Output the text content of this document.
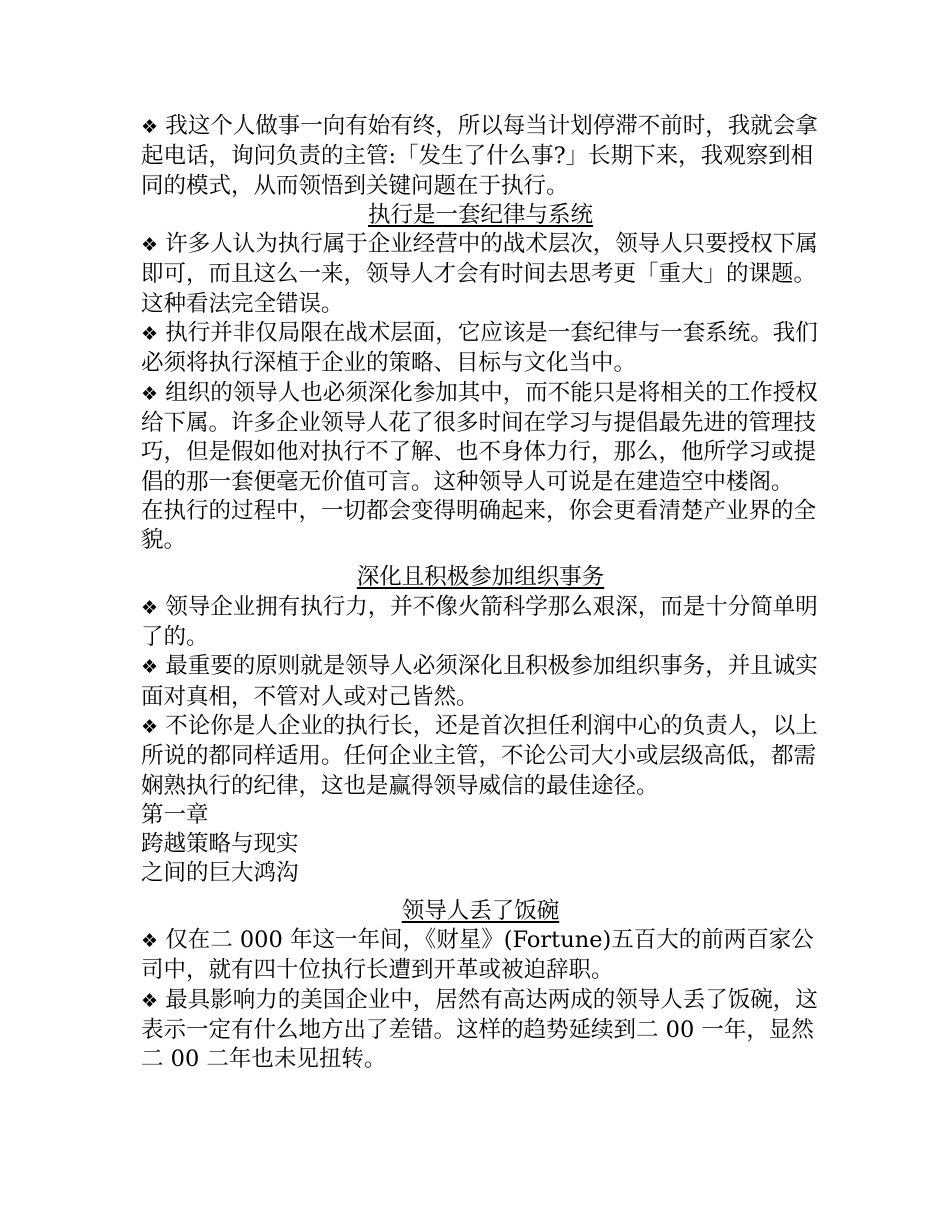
❖ 我这个人做事一向有始有终，所以每当计划停滞不前时，我就会拿起电话，询问负责的主管:「发生了什么事?」长期下来，我观察到相同的模式，从而领悟到关键问题在于执行。

执行是一套纪律与系统

❖ 许多人认为执行属于企业经营中的战术层次，领导人只要授权下属即可，而且这么一来，领导人才会有时间去思考更「重大」的课题。这种看法完全错误。

❖ 执行并非仅局限在战术层面，它应该是一套纪律与一套系统。我们必须将执行深植于企业的策略、目标与文化当中。

❖ 组织的领导人也必须深化参加其中，而不能只是将相关的工作授权给下属。许多企业领导人花了很多时间在学习与提倡最先进的管理技巧，但是假如他对执行不了解、也不身体力行，那么，他所学习或提倡的那一套便毫无价值可言。这种领导人可说是在建造空中楼阁。

在执行的过程中，一切都会变得明确起来，你会更看清楚产业界的全貌。

深化且积极参加组织事务

❖ 领导企业拥有执行力，并不像火箭科学那么艰深，而是十分简单明了的。

❖ 最重要的原则就是领导人必须深化且积极参加组织事务，并且诚实面对真相，不管对人或对己皆然。

❖ 不论你是人企业的执行长，还是首次担任利润中心的负责人，以上所说的都同样适用。任何企业主管，不论公司大小或层级高低，都需娴熟执行的纪律，这也是赢得领导威信的最佳途径。

第一章

跨越策略与现实

之间的巨大鸿沟

领导人丢了饭碗

❖ 仅在二 000 年这一年间，《财星》(Fortune)五百大的前两百家公司中，就有四十位执行长遭到开革或被迫辞职。

❖ 最具影响力的美国企业中，居然有高达两成的领导人丢了饭碗，这表示一定有什么地方出了差错。这样的趋势延续到二 00 一年，显然二 00 二年也未见扭转。
